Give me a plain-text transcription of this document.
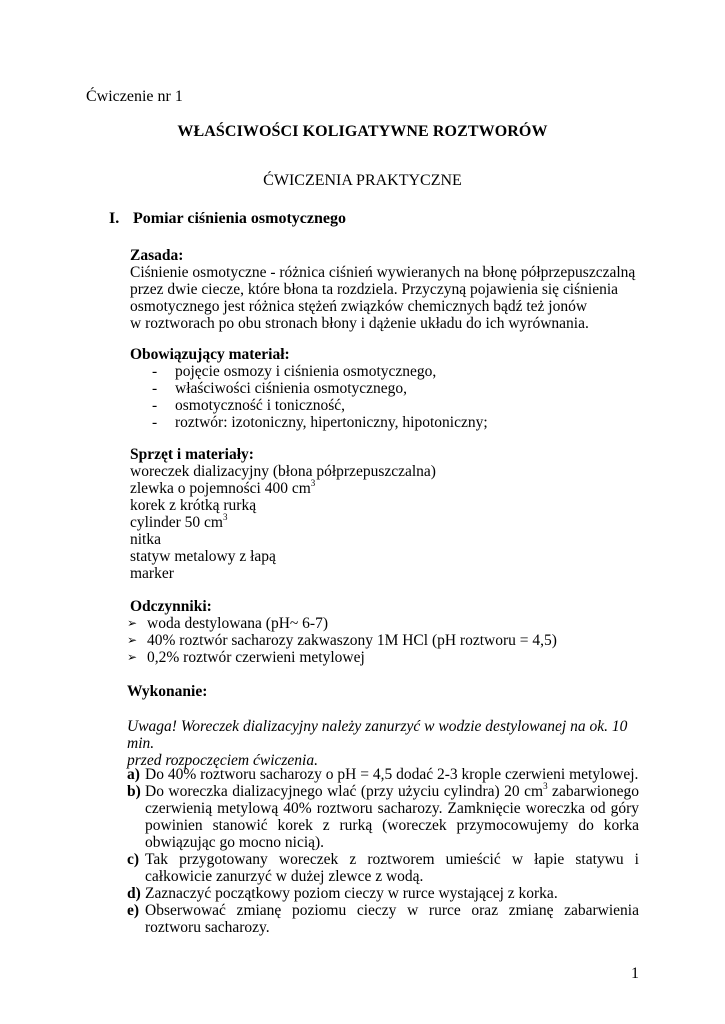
Ćwiczenie nr 1
WŁAŚCIWOŚCI KOLIGATYWNE ROZTWORÓW
ĆWICZENIA PRAKTYCZNE
I. Pomiar ciśnienia osmotycznego
Zasada:
Ciśnienie osmotyczne - różnica ciśnień wywieranych na błonę półprzepuszczalną
przez dwie ciecze, które błona ta rozdziela. Przyczyną pojawienia się ciśnienia
osmotycznego jest różnica stężeń związków chemicznych bądź też jonów
w roztworach po obu stronach błony i dążenie układu do ich wyrównania.
Obowiązujący materiał:
- pojęcie osmozy i ciśnienia osmotycznego,
- właściwości ciśnienia osmotycznego,
- osmotyczność i toniczność,
- roztwór: izotoniczny, hipertoniczny, hipotoniczny;
Sprzęt i materiały:
woreczek dializacyjny (błona półprzepuszczalna)
zlewka o pojemności 400 $cm^3$
korek z krótką rurką
cylinder 50 $cm^3$
nitka
statyw metalowy z łapą
marker
Odczynniki:
➢ woda destylowana (pH~ 6-7)
➢ 40% roztwór sacharozy zakwaszony 1M HCl (pH roztworu = 4,5)
➢ 0,2% roztwór czerwieni metylowej
Wykonanie:
Uwaga! Woreczek dializacyjny należy zanurzyć w wodzie destylowanej na ok. 10 min.
przed rozpoczęciem ćwiczenia.
a) Do 40% roztworu sacharozy o pH = 4,5 dodać 2-3 krople czerwieni metylowej.
b) Do woreczka dializacyjnego wlać (przy użyciu cylindra) 20 $cm^3$ zabarwionego czerwienią metylową 40% roztworu sacharozy. Zamknięcie woreczka od góry powinien stanowić korek z rurką (woreczek przymocowujemy do korka obwiązując go mocno nicią).
c) Tak przygotowany woreczek z roztworem umieścić w łapie statywu i całkowicie zanurzyć w dużej zlewce z wodą.
d) Zaznaczyć początkowy poziom cieczy w rurce wystającej z korka.
e) Obserwować zmianę poziomu cieczy w rurce oraz zmianę zabarwienia roztworu sacharozy.
1
